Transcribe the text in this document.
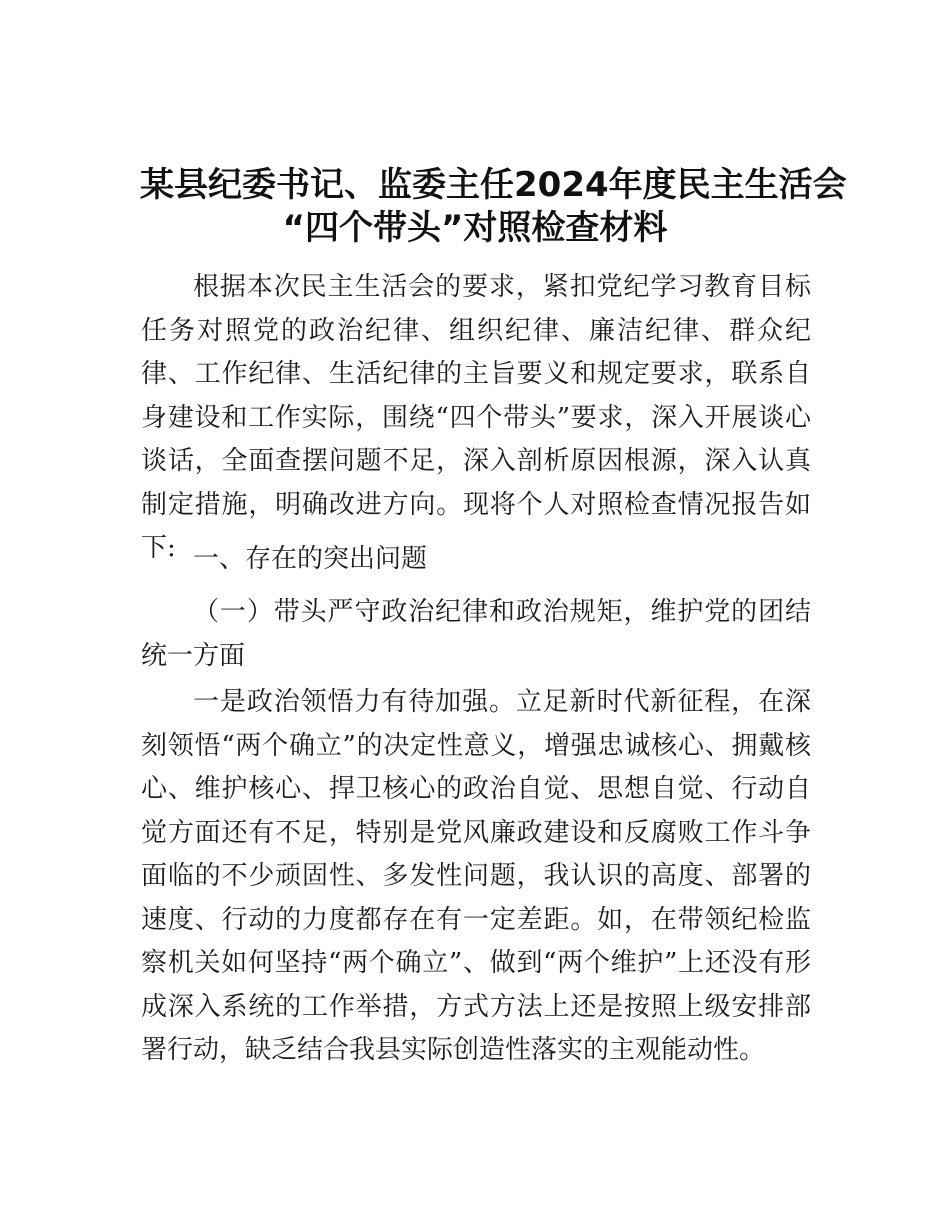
某县纪委书记、监委主任2024年度民主生活会
“四个带头”对照检查材料

根据本次民主生活会的要求，紧扣党纪学习教育目标任务对照党的政治纪律、组织纪律、廉洁纪律、群众纪律、工作纪律、生活纪律的主旨要义和规定要求，联系自身建设和工作实际，围绕“四个带头”要求，深入开展谈心谈话，全面查摆问题不足，深入剖析原因根源，深入认真制定措施，明确改进方向。现将个人对照检查情况报告如下: 一、存在的突出问题

（一）带头严守政治纪律和政治规矩，维护党的团结统一方面

一是政治领悟力有待加强。立足新时代新征程，在深刻领悟“两个确立”的决定性意义，增强忠诚核心、拥戴核心、维护核心、捍卫核心的政治自觉、思想自觉、行动自觉方面还有不足，特别是党风廉政建设和反腐败工作斗争面临的不少顽固性、多发性问题，我认识的高度、部署的速度、行动的力度都存在有一定差距。如，在带领纪检监察机关如何坚持“两个确立”、做到“两个维护”上还没有形成深入系统的工作举措，方式方法上还是按照上级安排部署行动，缺乏结合我县实际创造性落实的主观能动性。
